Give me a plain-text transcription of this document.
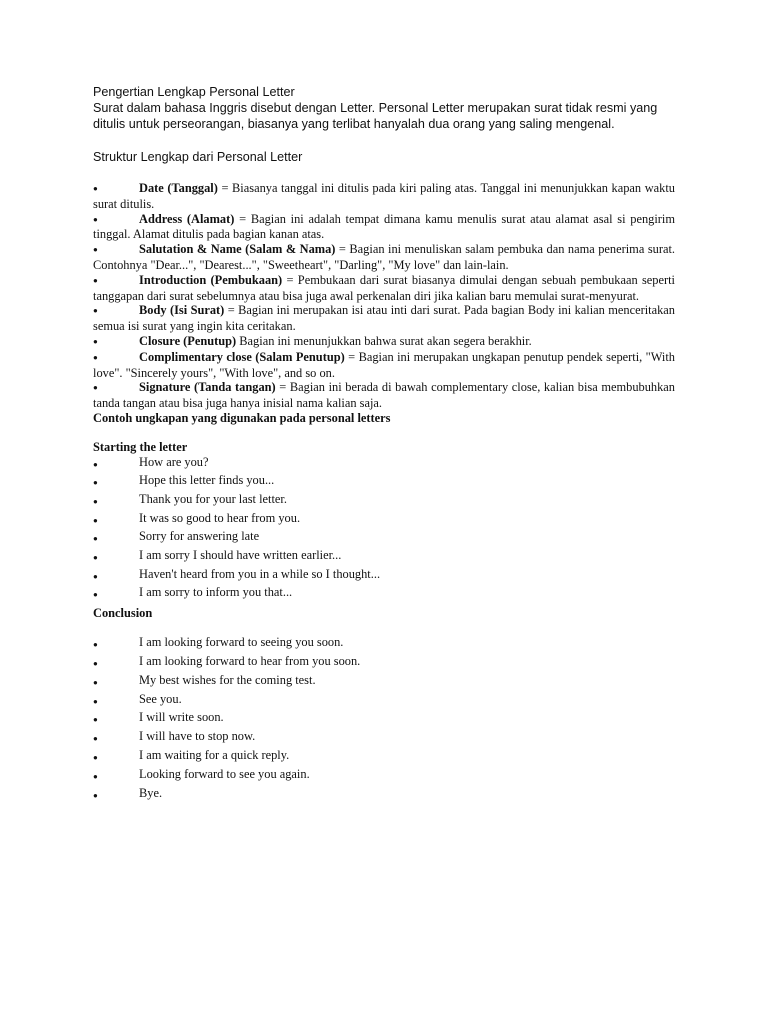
Pengertian Lengkap Personal Letter

Surat dalam bahasa Inggris disebut dengan Letter. Personal Letter merupakan surat tidak resmi yang ditulis untuk perseorangan, biasanya yang terlibat hanyalah dua orang yang saling mengenal.

Struktur Lengkap dari Personal Letter
●	Date (Tanggal) = Biasanya tanggal ini ditulis pada kiri paling atas. Tanggal ini menunjukkan kapan waktu surat ditulis.
●	Address (Alamat) = Bagian ini adalah tempat dimana kamu menulis surat atau alamat asal si pengirim tinggal. Alamat ditulis pada bagian kanan atas.
●	Salutation & Name (Salam & Nama) = Bagian ini menuliskan salam pembuka dan nama penerima surat. Contohnya "Dear...", "Dearest...", "Sweetheart", "Darling", "My love" dan lain-lain.
●	Introduction (Pembukaan) = Pembukaan dari surat biasanya dimulai dengan sebuah pembukaan seperti tanggapan dari surat sebelumnya atau bisa juga awal perkenalan diri jika kalian baru memulai surat-menyurat.
●	Body (Isi Surat) = Bagian ini merupakan isi atau inti dari surat. Pada bagian Body ini kalian menceritakan semua isi surat yang ingin kita ceritakan.
●	Closure (Penutup) Bagian ini menunjukkan bahwa surat akan segera berakhir.
●	Complimentary close (Salam Penutup) = Bagian ini merupakan ungkapan penutup pendek seperti, "With love". "Sincerely yours", "With love", and so on.
●	Signature (Tanda tangan) = Bagian ini berada di bawah complementary close, kalian bisa membubuhkan tanda tangan atau bisa juga hanya inisial nama kalian saja.

Contoh ungkapan yang digunakan pada personal letters

Starting the letter

●	How are you?
●	Hope this letter finds you...
●	Thank you for your last letter.
●	It was so good to hear from you.
●	Sorry for answering late
●	I am sorry I should have written earlier...
●	Haven't heard from you in a while so I thought...
●	I am sorry to inform you that...

Conclusion

●	I am looking forward to seeing you soon.
●	I am looking forward to hear from you soon.
●	My best wishes for the coming test.
●	See you.
●	I will write soon.
●	I will have to stop now.
●	I am waiting for a quick reply.
●	Looking forward to see you again.
●	Bye.
